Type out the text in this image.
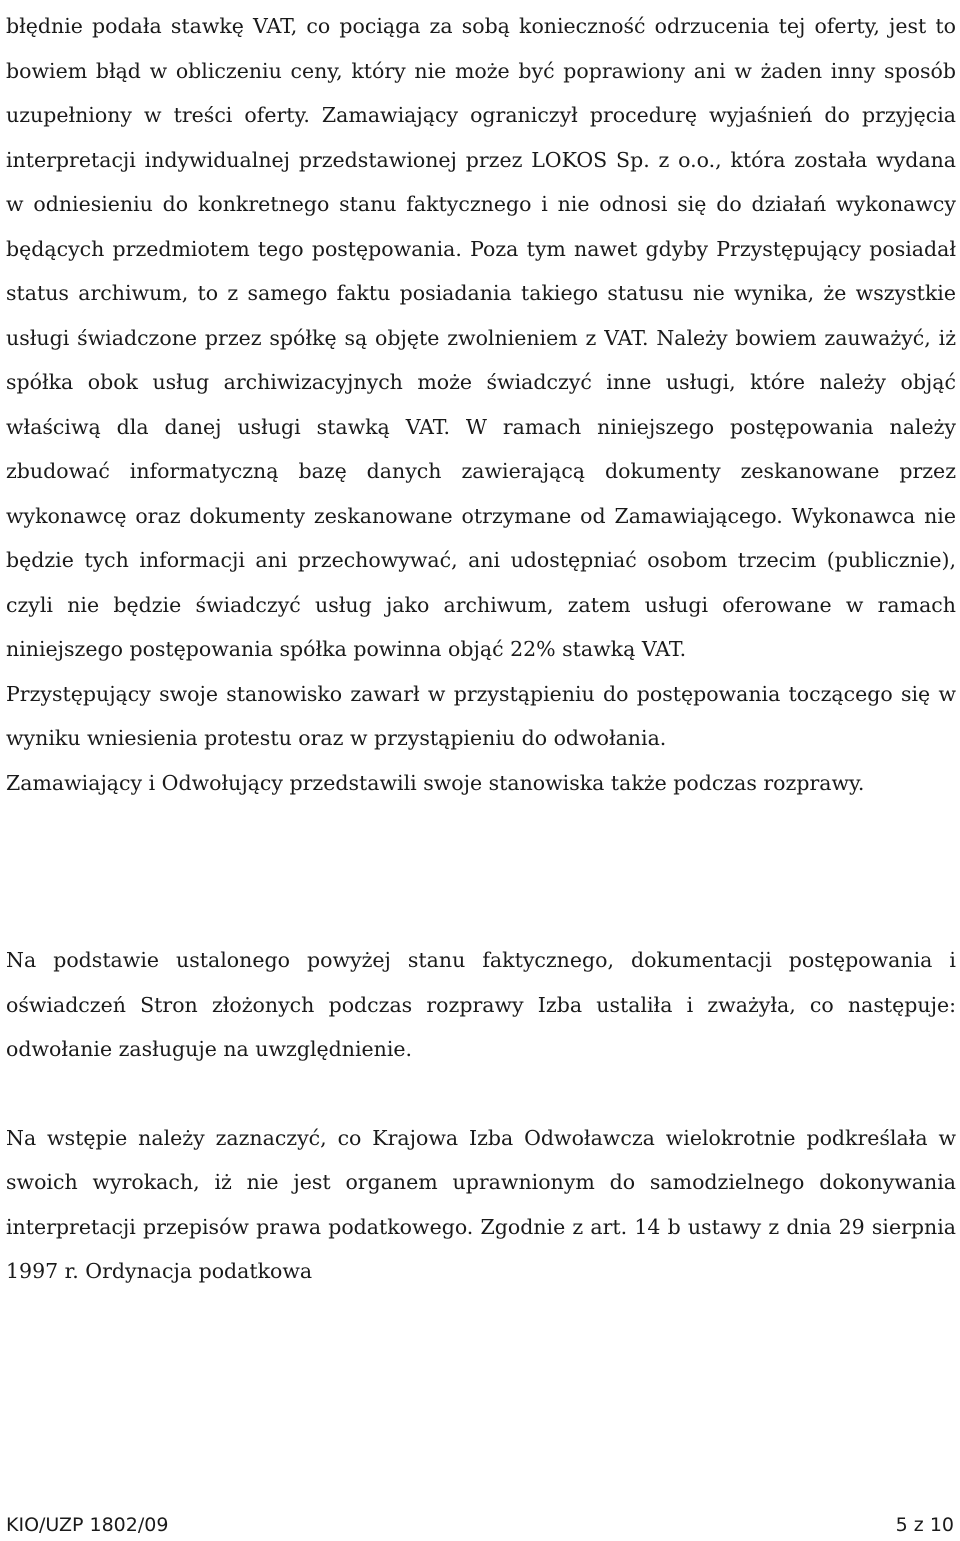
błędnie podała stawkę VAT, co pociąga za sobą konieczność odrzucenia tej oferty, jest to bowiem błąd w obliczeniu ceny, który nie może być poprawiony ani w żaden inny sposób uzupełniony w treści oferty. Zamawiający ograniczył procedurę wyjaśnień do przyjęcia interpretacji indywidualnej przedstawionej przez LOKOS Sp. z o.o., która została wydana w odniesieniu do konkretnego stanu faktycznego i nie odnosi się do działań wykonawcy będących przedmiotem tego postępowania. Poza tym nawet gdyby Przystępujący posiadał status archiwum, to z samego faktu posiadania takiego statusu nie wynika, że wszystkie usługi świadczone przez spółkę są objęte zwolnieniem z VAT. Należy bowiem zauważyć, iż spółka obok usług archiwizacyjnych może świadczyć inne usługi, które należy objąć właściwą dla danej usługi stawką VAT. W ramach niniejszego postępowania należy zbudować informatyczną bazę danych zawierającą dokumenty zeskanowane przez wykonawcę oraz dokumenty zeskanowane otrzymane od Zamawiającego. Wykonawca nie będzie tych informacji ani przechowywać, ani udostępniać osobom trzecim (publicznie), czyli nie będzie świadczyć usług jako archiwum, zatem usługi oferowane w ramach niniejszego postępowania spółka powinna objąć 22% stawką VAT.

Przystępujący swoje stanowisko zawarł w przystąpieniu do postępowania toczącego się w wyniku wniesienia protestu oraz w przystąpieniu do odwołania.

Zamawiający i Odwołujący przedstawili swoje stanowiska także podczas rozprawy.

Na podstawie ustalonego powyżej stanu faktycznego, dokumentacji postępowania i oświadczeń Stron złożonych podczas rozprawy Izba ustaliła i zważyła, co następuje: odwołanie zasługuje na uwzględnienie.

Na wstępie należy zaznaczyć, co Krajowa Izba Odwoławcza wielokrotnie podkreślała w swoich wyrokach, iż nie jest organem uprawnionym do samodzielnego dokonywania interpretacji przepisów prawa podatkowego. Zgodnie z art. 14 b ustawy z dnia 29 sierpnia 1997 r. Ordynacja podatkowa

KIO/UZP 1802/09	5 z 10
